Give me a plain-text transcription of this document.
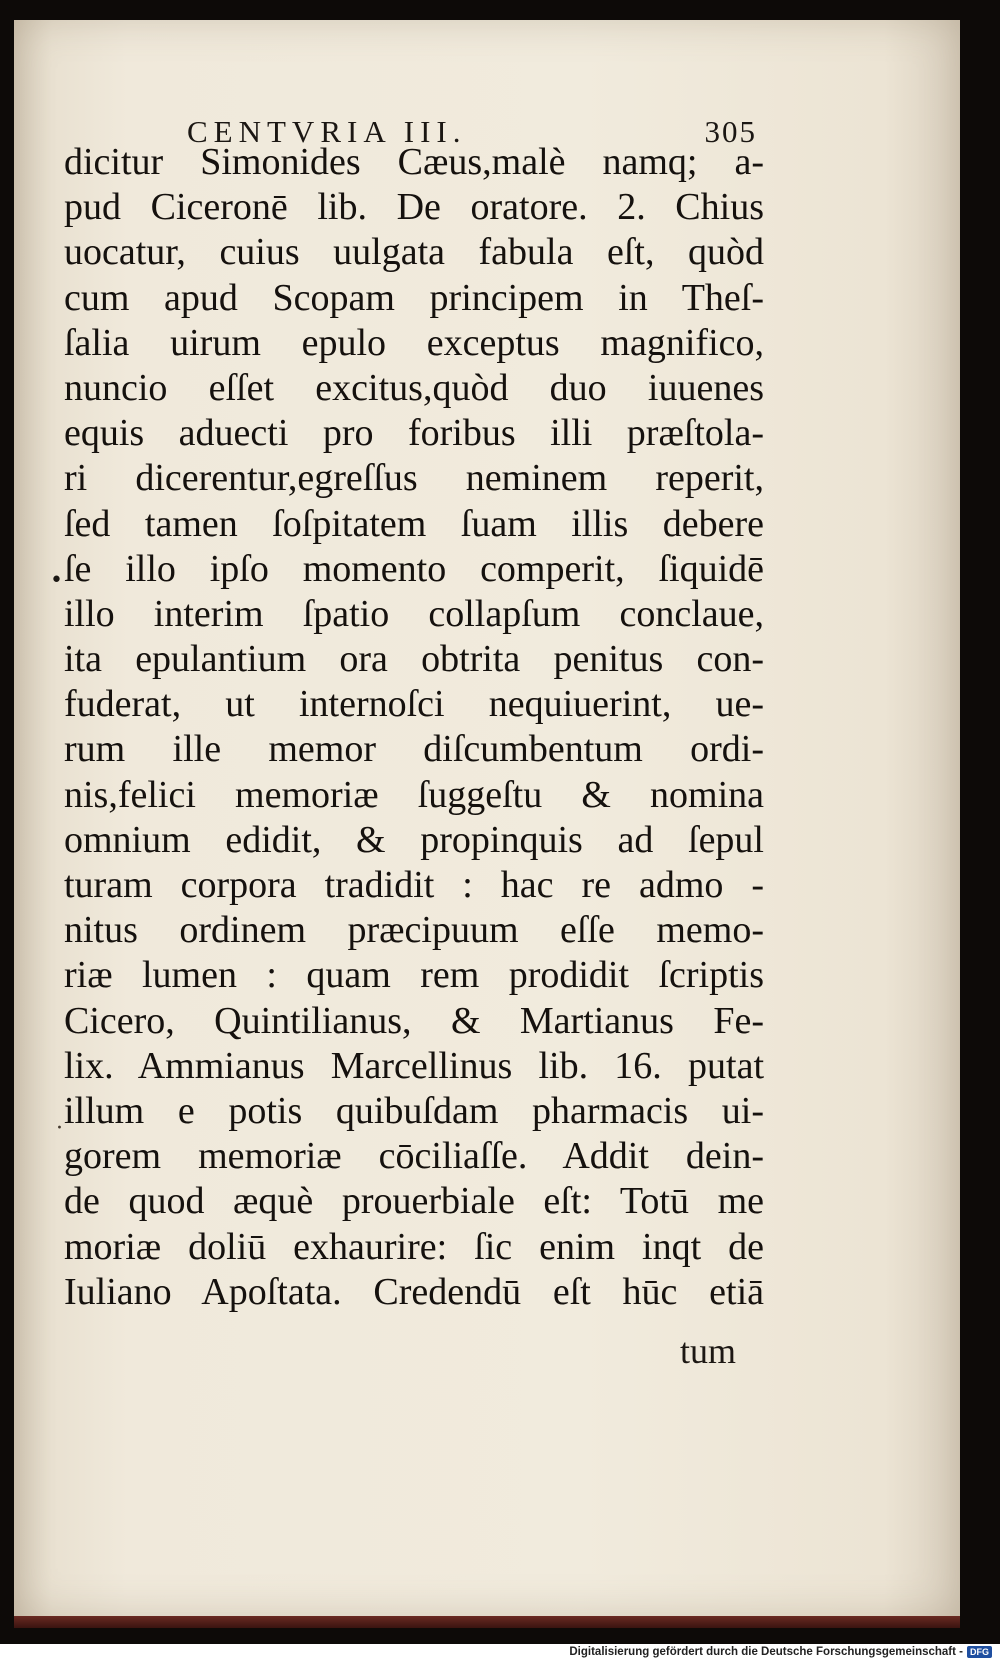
CENTVRIA III.	305
•
·
dicitur Simonides Cæus,malè namq; a-
pud Ciceronē lib. De oratore. 2. Chius
uocatur, cuius uulgata fabula eſt, quòd
cum apud Scopam principem in Theſ-
ſalia uirum epulo exceptus magnifico,
nuncio eſſet excitus,quòd duo iuuenes
equis aduecti pro foribus illi præſtola-
ri dicerentur,egreſſus neminem reperit,
ſed tamen ſoſpitatem ſuam illis debere
ſe illo ipſo momento comperit, ſiquidē
illo interim ſpatio collapſum conclaue,
ita epulantium ora obtrita penitus con-
fuderat, ut internoſci nequiuerint, ue-
rum ille memor diſcumbentum ordi-
nis,felici memoriæ ſuggeſtu & nomina
omnium edidit, & propinquis ad ſepul
turam corpora tradidit : hac re admo -
nitus ordinem præcipuum eſſe memo-
riæ lumen : quam rem prodidit ſcriptis
Cicero, Quintilianus, & Martianus Fe-
lix. Ammianus Marcellinus lib. 16. putat
illum e potis quibuſdam pharmacis ui-
gorem memoriæ cōciliaſſe. Addit dein-
de quod æquè prouerbiale eſt: Totū me
moriæ doliū exhaurire: ſic enim inqt de
Iuliano Apoſtata. Credendū eſt hūc etiā
tum
Digitalisierung gefördert durch die Deutsche Forschungsgemeinschaft - DFG
